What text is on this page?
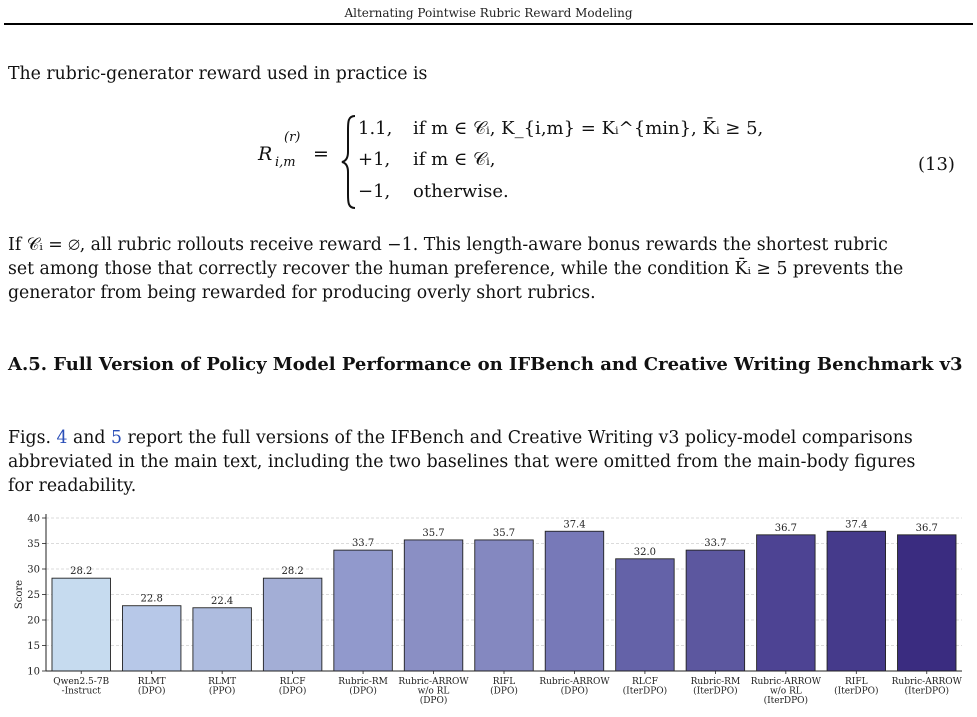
Alternating Pointwise Rubric Reward Modeling
The rubric-generator reward used in practice is
R
(r)
i,m =
1.1, if m ∈ 𝒞ᵢ, K_{i,m} = Kᵢ^{min}, K̄ᵢ ≥ 5,
+1, if m ∈ 𝒞ᵢ,
−1, otherwise.
(13)

If 𝒞ᵢ = ∅, all rubric rollouts receive reward −1. This length-aware bonus rewards the shortest rubric

set among those that correctly recover the human preference, while the condition K̄ᵢ ≥ 5 prevents the

generator from being rewarded for producing overly short rubrics.

A.5. Full Version of Policy Model Performance on IFBench and Creative Writing Benchmark v3

Figs. 4 and 5 report the full versions of the IFBench and Creative Writing v3 policy-model comparisons

abbreviated in the main text, including the two baselines that were omitted from the main-body figures

for readability.

10
15
20
25
30
35
40
28.2
Qwen2.5-7B
-Instruct
22.8
RLMT
(DPO)
22.4
RLMT
(PPO)
28.2
RLCF
(DPO)
33.7
Rubric-RM
(DPO)
35.7
Rubric-ARROW
w/o RL
(DPO)
35.7
RIFL
(DPO)
37.4
Rubric-ARROW
(DPO)
32.0
RLCF
(IterDPO)
33.7
Rubric-RM
(IterDPO)
36.7
Rubric-ARROW
w/o RL
(IterDPO)
37.4
RIFL
(IterDPO)
36.7
Rubric-ARROW
(IterDPO)
Score
